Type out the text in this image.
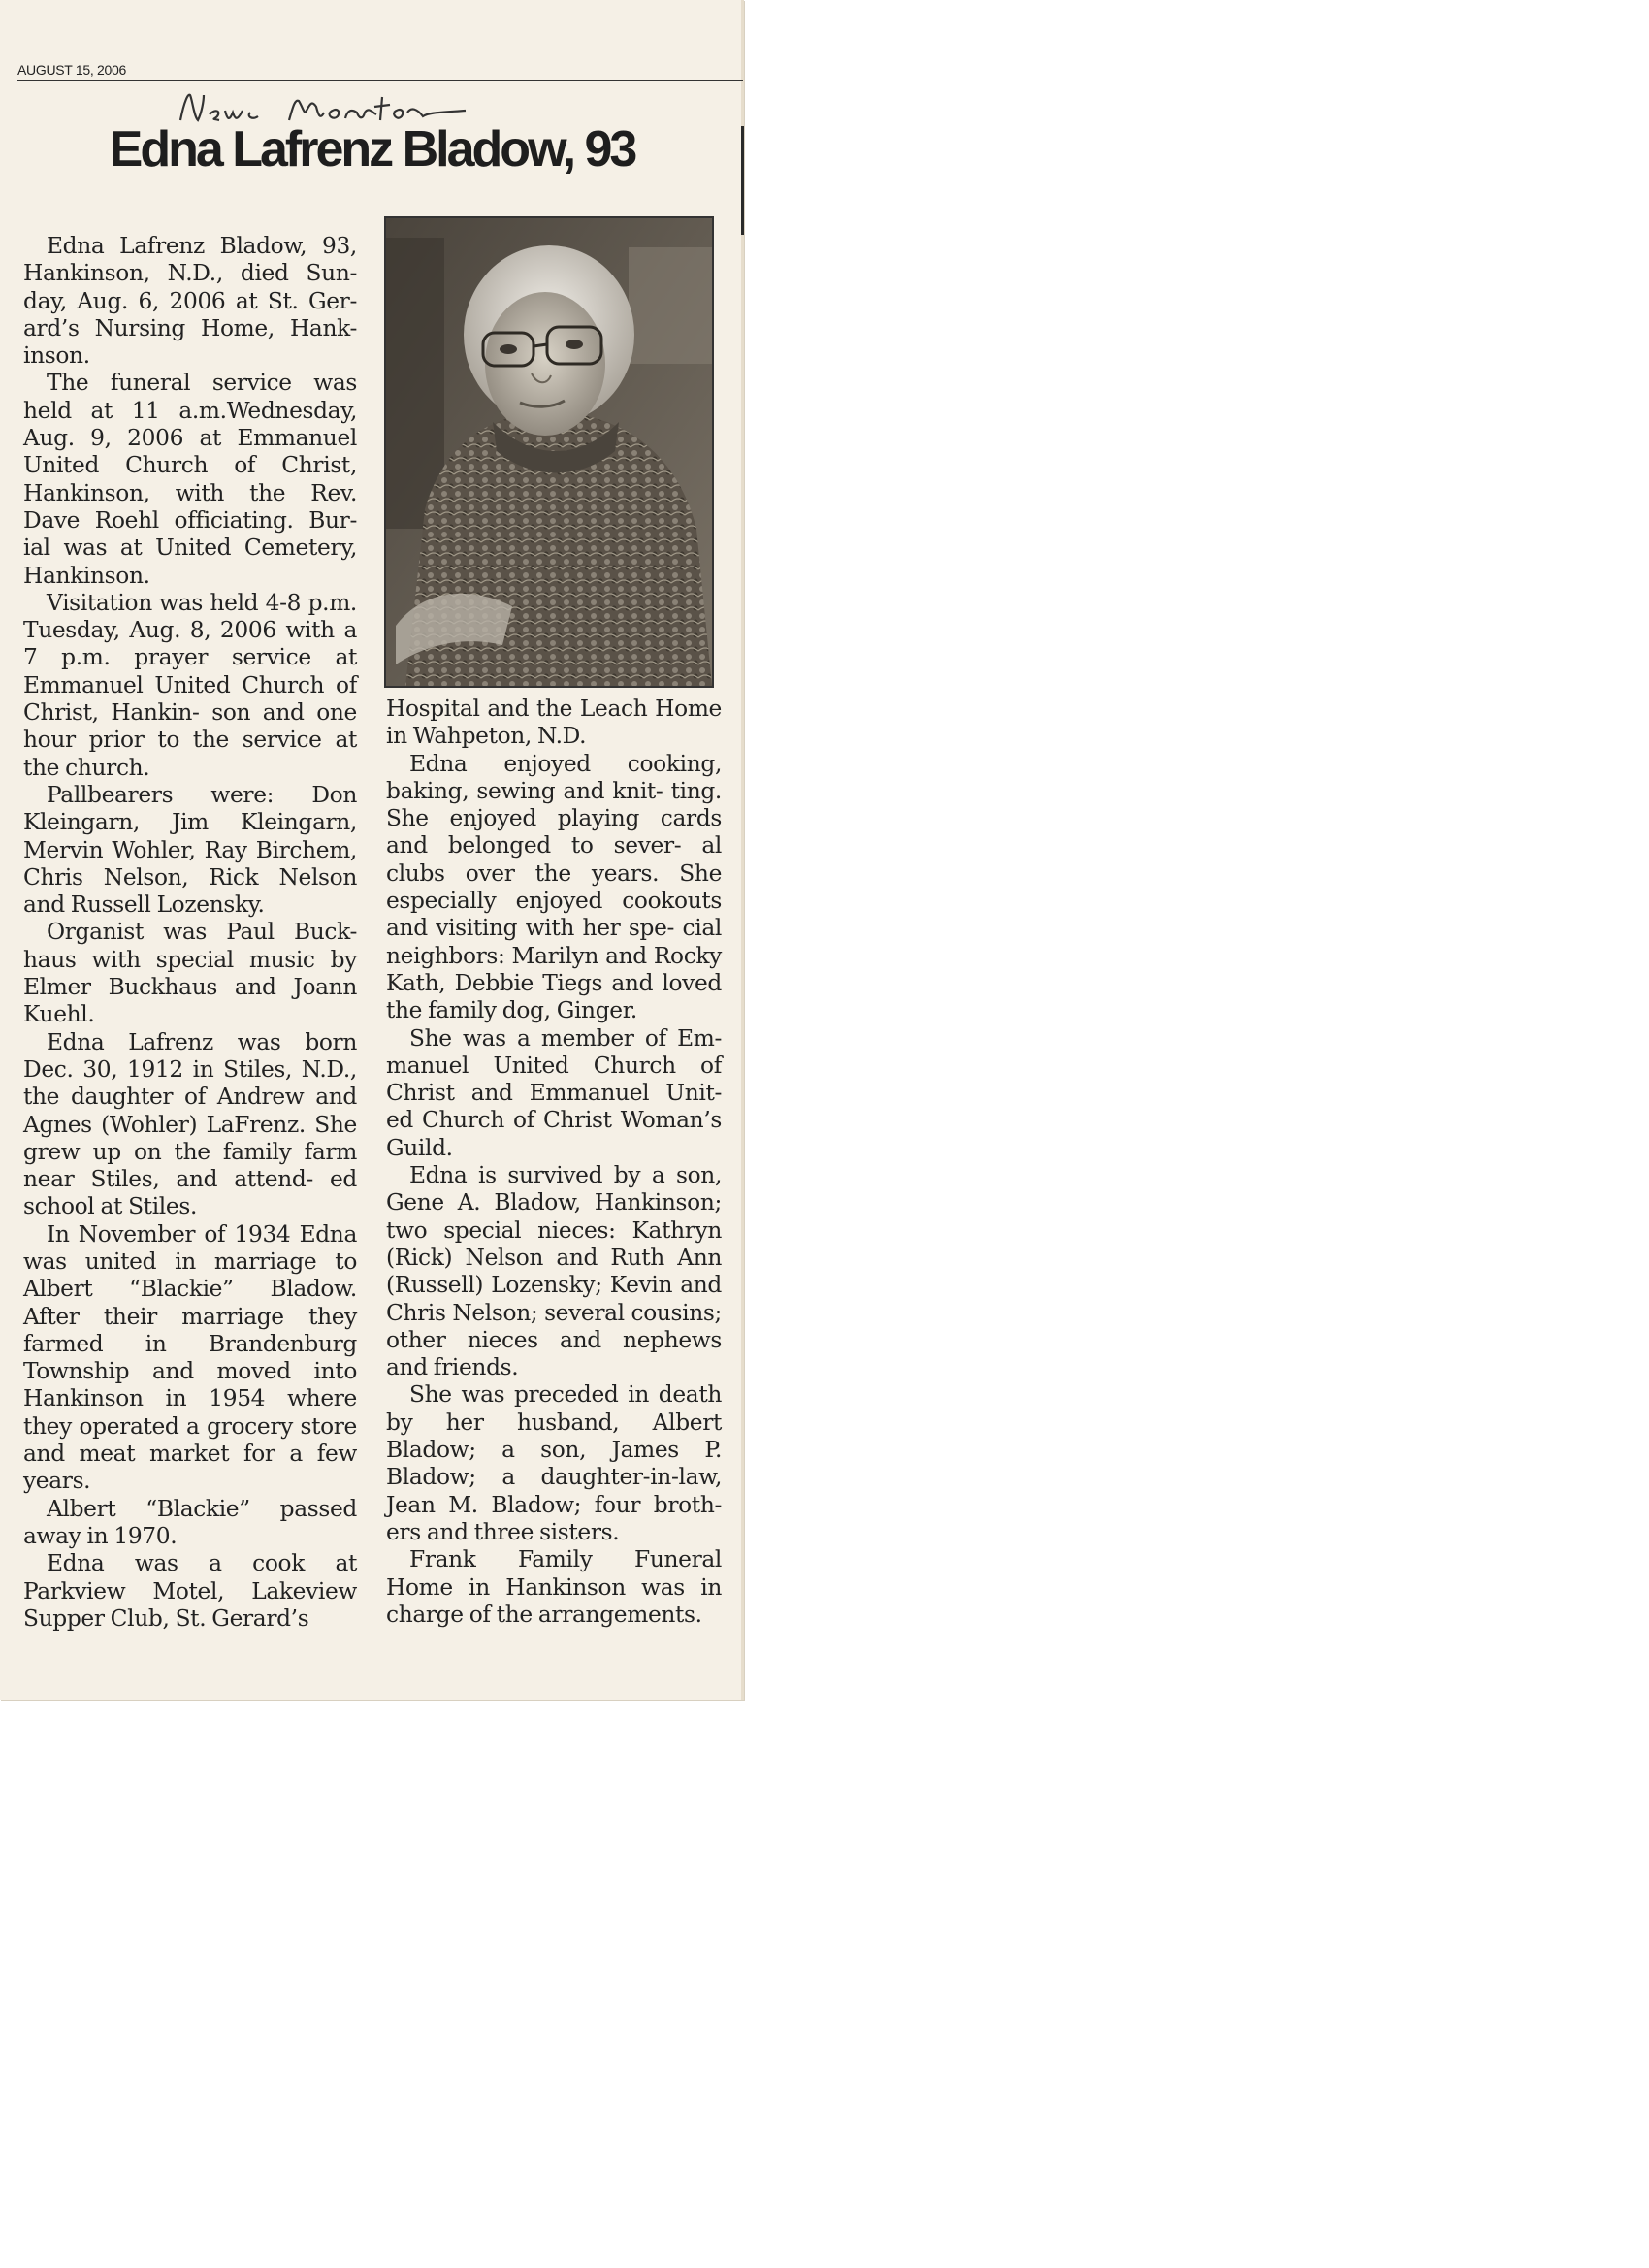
AUGUST 15, 2006
Edna Lafrenz Bladow, 93

Edna Lafrenz Bladow, 93, Hankinson, N.D., died Sun- day, Aug. 6, 2006 at St. Ger- ard’s Nursing Home, Hank- inson.

The funeral service was held at 11 a.m.Wednesday, Aug. 9, 2006 at Emmanuel United Church of Christ, Hankinson, with the Rev. Dave Roehl officiating. Bur- ial was at United Cemetery, Hankinson.

Visitation was held 4-8 p.m. Tuesday, Aug. 8, 2006 with a 7 p.m. prayer service at Emmanuel United Church of Christ, Hankin- son and one hour prior to the service at the church.

Pallbearers were: Don Kleingarn, Jim Kleingarn, Mervin Wohler, Ray Birchem, Chris Nelson, Rick Nelson and Russell Lozensky.

Organist was Paul Buck- haus with special music by Elmer Buckhaus and Joann Kuehl.

Edna Lafrenz was born Dec. 30, 1912 in Stiles, N.D., the daughter of Andrew and Agnes (Wohler) LaFrenz. She grew up on the family farm near Stiles, and attend- ed school at Stiles.

In November of 1934 Edna was united in marriage to Albert “Blackie” Bladow. After their marriage they farmed in Brandenburg Township and moved into Hankinson in 1954 where they operated a grocery store and meat market for a few years.

Albert “Blackie” passed away in 1970.

Edna was a cook at Parkview Motel, Lakeview Supper Club, St. Gerard’s

Hospital and the Leach Home in Wahpeton, N.D.

Edna enjoyed cooking, baking, sewing and knit- ting. She enjoyed playing cards and belonged to sever- al clubs over the years. She especially enjoyed cookouts and visiting with her spe- cial neighbors: Marilyn and Rocky Kath, Debbie Tiegs and loved the family dog, Ginger.

She was a member of Em- manuel United Church of Christ and Emmanuel Unit- ed Church of Christ Woman’s Guild.

Edna is survived by a son, Gene A. Bladow, Hankinson; two special nieces: Kathryn (Rick) Nelson and Ruth Ann (Russell) Lozensky; Kevin and Chris Nelson; several cousins; other nieces and nephews and friends.

She was preceded in death by her husband, Albert Bladow; a son, James P. Bladow; a daughter-in-law, Jean M. Bladow; four broth- ers and three sisters.

Frank Family Funeral Home in Hankinson was in charge of the arrangements.
